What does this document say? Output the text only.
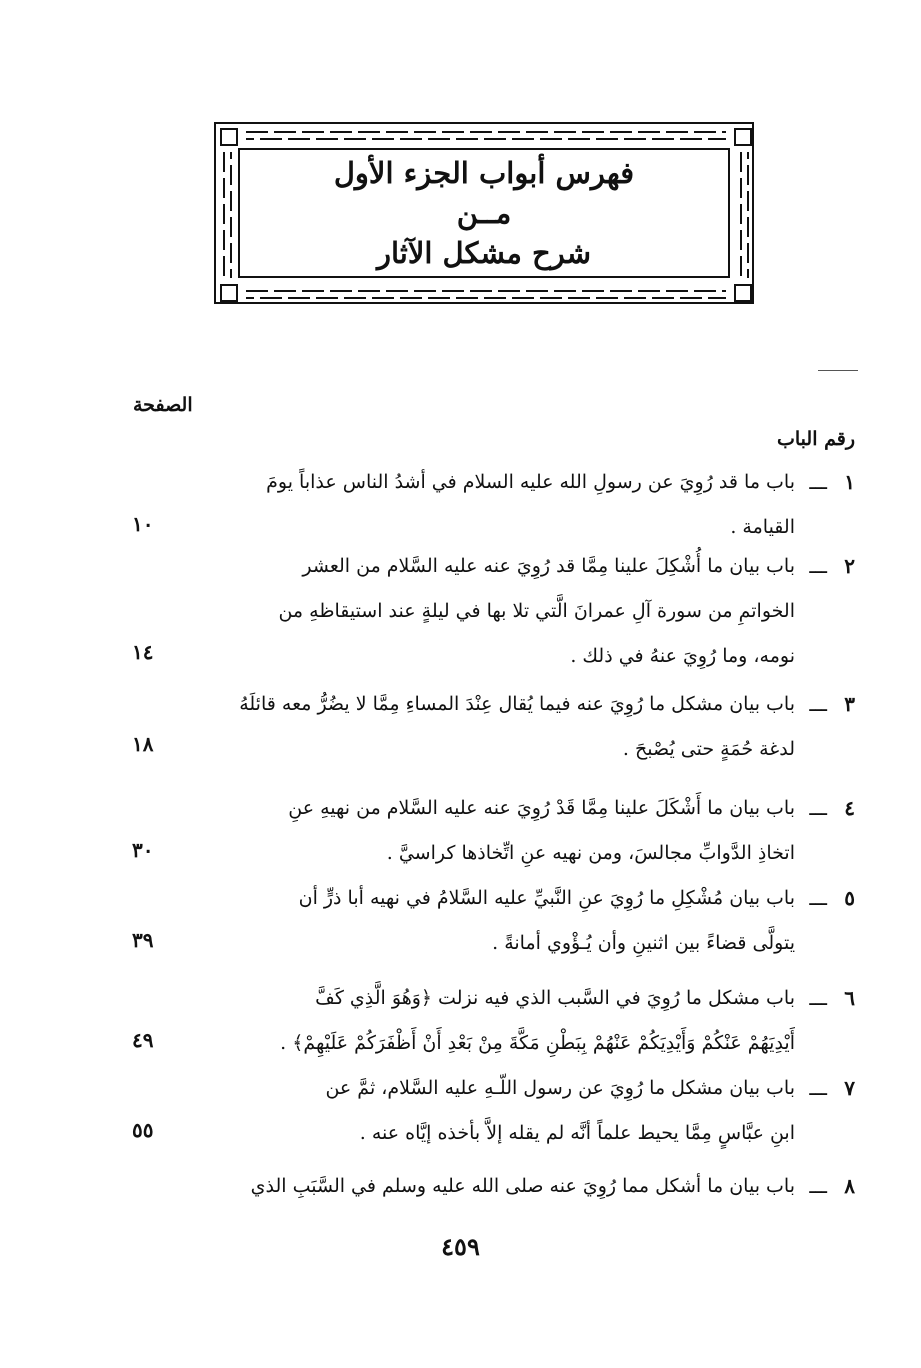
فهرس أبواب الجزء الأول
مــن
شرح مشكل الآثار
الصفحة
رقم الباب
١
ـــ
باب ما قد رُوِيَ عن رسولِ الله عليه السلام في أشدُ الناس عذاباً يومَ
القيامة .
١٠
٢
ـــ
باب بيان ما أُشْكِلَ علينا مِمَّا قد رُوِيَ عنه عليه السَّلام من العشر
الخواتمِ من سورة آلِ عمرانَ الَّتي تلا بها في ليلةٍ عند استيقاظهِ من
نومه، وما رُوِيَ عنهُ في ذلك .
١٤
٣
ـــ
باب بيان مشكل ما رُوِيَ عنه فيما يُقال عِنْدَ المساءِ مِمَّا لا يضُرُّ معه قائلَهُ
لدغة حُمَةٍ حتى يُصْبحَ .
١٨
٤
ـــ
باب بيان ما أَشْكَلَ علينا مِمَّا قَدْ رُوِيَ عنه عليه السَّلام من نهيهِ عنِ
اتخاذِ الدَّوابِّ مجالسَ، ومن نهيه عنِ اتِّخاذها كراسيَّ .
٣٠
٥
ـــ
باب بيان مُشْكِلِ ما رُوِيَ عنِ النَّبيِّ عليه السَّلامُ في نهيه أبا ذرٍّ أن
يتولَّى قضاءً بين اثنينِ وأن يُـؤْوي أمانةً .
٣٩
٦
ـــ
باب مشكل ما رُوِيَ في السَّبب الذي فيه نزلت ﴿وَهُوَ الَّذِي كَفَّ
أَيْدِيَهُمْ عَنْكُمْ وَأَيْدِيَكُمْ عَنْهُمْ بِبَطْنِ مَكَّةَ مِنْ بَعْدِ أَنْ أَظْفَرَكُمْ عَلَيْهِمْ﴾ .
٤٩
٧
ـــ
باب بيان مشكل ما رُوِيَ عن رسول اللّـهِ عليه السَّلام، ثمَّ عن
ابنِ عبَّاسٍ مِمَّا يحيط علماً أنَّه لم يقله إلاَّ بأخذه إيَّاه عنه .
٥٥
٨
ـــ
باب بيان ما أشكل مما رُوِيَ عنه صلى الله عليه وسلم في السَّبَبِ الذي
٤٥٩
